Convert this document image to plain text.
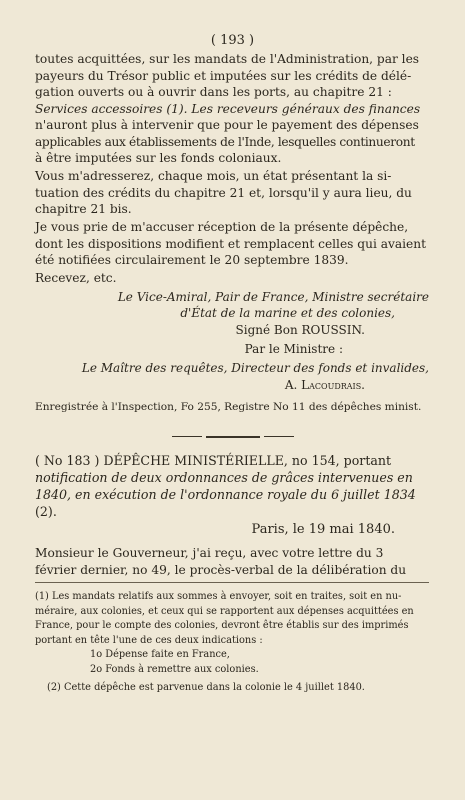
( 193 )
toutes acquittées, sur les mandats de l'Administration, par les
payeurs du Trésor public et imputées sur les crédits de délé-
gation ouverts ou à ouvrir dans les ports, au chapitre 21 :
Services accessoires (1). Les receveurs généraux des finances
n'auront plus à intervenir que pour le payement des dépenses
applicables aux établissements de l'Inde, lesquelles continueront
à être imputées sur les fonds coloniaux.
Vous m'adresserez, chaque mois, un état présentant la si-
tuation des crédits du chapitre 21 et, lorsqu'il y aura lieu, du
chapitre 21 bis.
Je vous prie de m'accuser réception de la présente dépêche,
dont les dispositions modifient et remplacent celles qui avaient
été notifiées circulairement le 20 septembre 1839.
Recevez, etc.
Le Vice-Amiral, Pair de France, Ministre secrétaire
d'État de la marine et des colonies,
Signé Bon ROUSSIN.
Par le Ministre :
Le Maître des requêtes, Directeur des fonds et invalides,
A. Lacoudrais.
Enregistrée à l'Inspection, Fo 255, Registre No 11 des dépêches minist.
( No 183 ) DÉPÊCHE MINISTÉRIELLE, no 154, portant
notification de deux ordonnances de grâces intervenues en
1840, en exécution de l'ordonnance royale du 6 juillet 1834
(2).
Paris, le 19 mai 1840.
Monsieur le Gouverneur, j'ai reçu, avec votre lettre du 3
février dernier, no 49, le procès-verbal de la délibération du
(1) Les mandats relatifs aux sommes à envoyer, soit en traites, soit en nu-
méraire, aux colonies, et ceux qui se rapportent aux dépenses acquittées en
France, pour le compte des colonies, devront être établis sur des imprimés
portant en tête l'une de ces deux indications :
1o Dépense faite en France,
2o Fonds à remettre aux colonies.
(2) Cette dépêche est parvenue dans la colonie le 4 juillet 1840.
